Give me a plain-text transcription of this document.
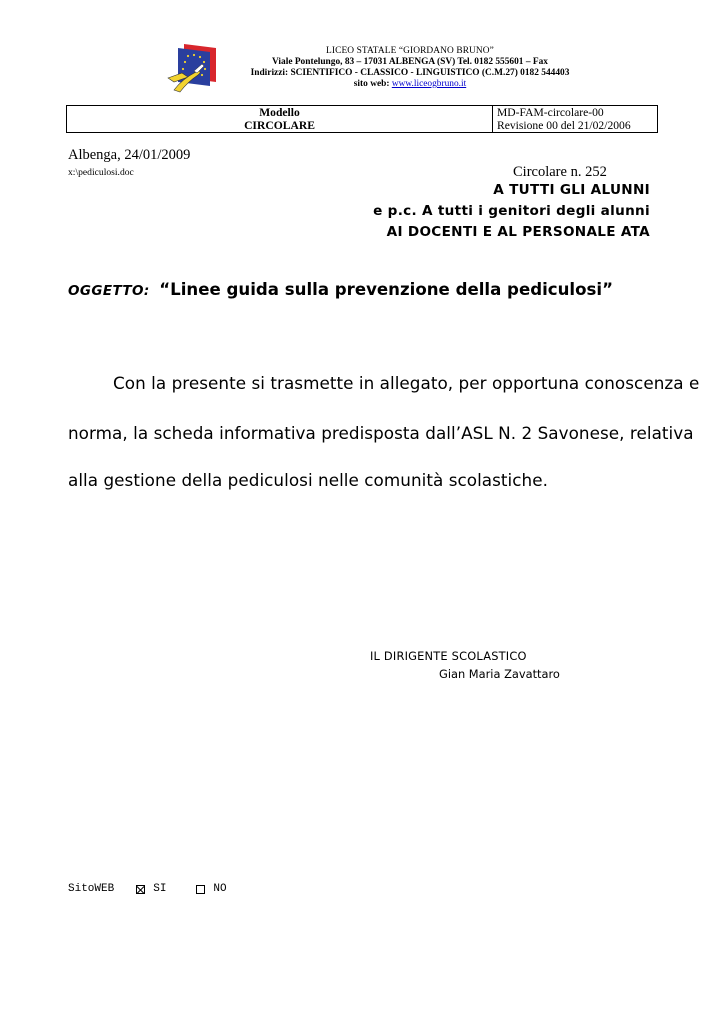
LICEO STATALE “GIORDANO BRUNO”
Viale Pontelungo, 83 – 17031 ALBENGA (SV) Tel. 0182 555601 – Fax
Indirizzi: SCIENTIFICO - CLASSICO - LINGUISTICO (C.M.27) 0182 544403
sito web: www.liceogbruno.it
Modello
CIRCOLARE

MD-FAM-circolare-00
Revisione 00 del 21/02/2006
Albenga, 24/01/2009
x:\pediculosi.doc	Circolare n. 252
A TUTTI GLI ALUNNI
e p.c. A tutti i genitori degli alunni
AI DOCENTI E AL PERSONALE ATA
OGGETTO: “Linee guida sulla prevenzione della pediculosi”
Con la presente si trasmette in allegato, per opportuna conoscenza e
norma, la scheda informativa predisposta dall’ASL N. 2 Savonese, relativa
alla gestione della pediculosi nelle comunità scolastiche.
IL DIRIGENTE SCOLASTICO
Gian Maria Zavattaro
SitoWEB	SI	NO
